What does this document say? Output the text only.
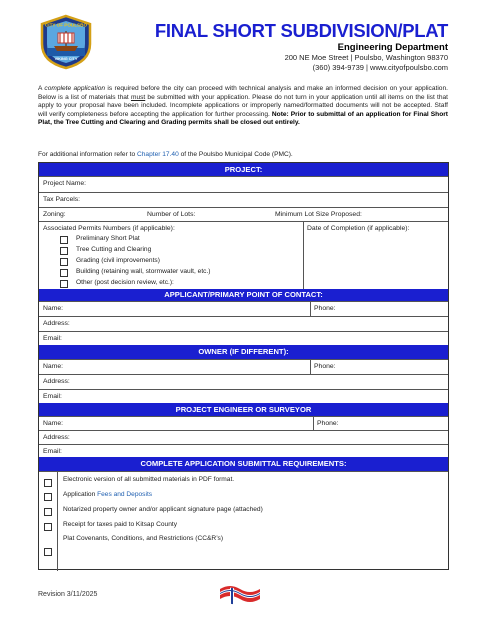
CITY OF POULSBO
VIKING CITY
FINAL SHORT SUBDIVISION/PLAT
Engineering Department
200 NE Moe Street | Poulsbo, Washington 98370
(360) 394-9739 | www.cityofpoulsbo.com
A complete application is required before the city can proceed with technical analysis and make an informed decision on your application. Below is a list of materials that must be submitted with your application. Please do not turn in your application until all items on the list that apply to your proposal have been included. Incomplete applications or improperly named/formatted documents will not be accepted. Staff will verify completeness before accepting the application for further processing. Note: Prior to submittal of an application for Final Short Plat, the Tree Cutting and Clearing and Grading permits shall be closed out entirely.
For additional information refer to Chapter 17.40 of the Poulsbo Municipal Code (PMC).
PROJECT:
Project Name:
Tax Parcels:
Zoning:	Number of Lots:	Minimum Lot Size Proposed:
Associated Permits Numbers (if applicable):	Date of Completion (if applicable):
Preliminary Short Plat
Tree Cutting and Clearing
Grading (civil improvements)
Building (retaining wall, stormwater vault, etc.)
Other (post decision review, etc.):
APPLICANT/PRIMARY POINT OF CONTACT:
Name:	Phone:
Address:
Email:
OWNER (IF DIFFERENT):
Name:	Phone:
Address:
Email:
PROJECT ENGINEER OR SURVEYOR
Name:	Phone:
Address:
Email:
COMPLETE APPLICATION SUBMITTAL REQUIREMENTS:
Electronic version of all submitted materials in PDF format.
Application Fees and Deposits
Notarized property owner and/or applicant signature page (attached)
Receipt for taxes paid to Kitsap County
Plat Covenants, Conditions, and Restrictions (CC&R’s)
Revision 3/11/2025
